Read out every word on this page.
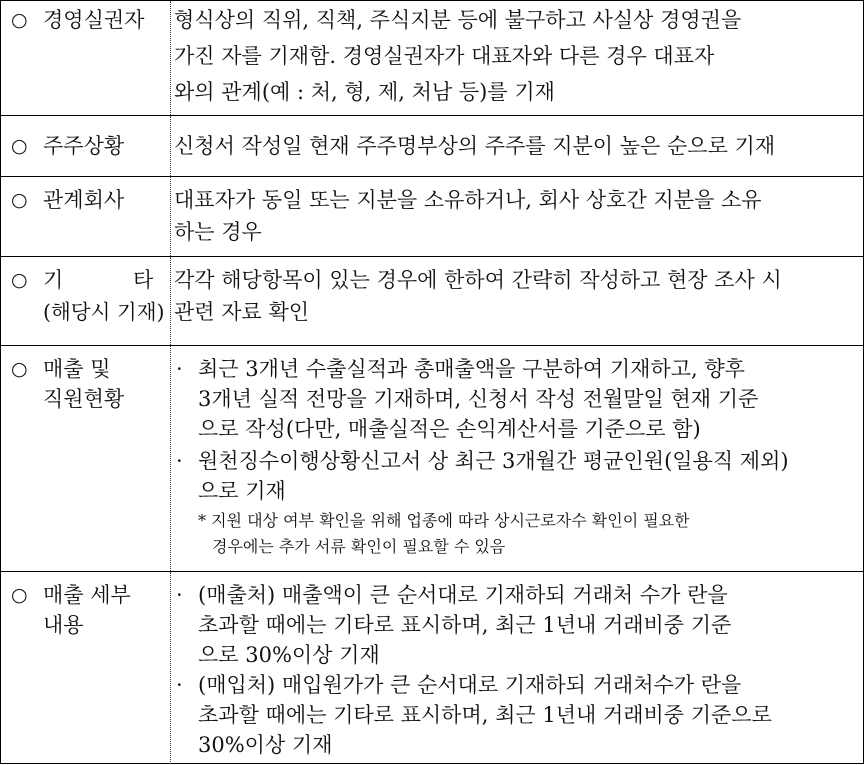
○ 경영실권자 형식상의 직위, 직책, 주식지분 등에 불구하고 사실상 경영권을
가진 자를 기재함. 경영실권자가 대표자와 다른 경우 대표자
와의 관계(예 : 처, 형, 제, 처남 등)를 기재
○ 주주상황 신청서 작성일 현재 주주명부상의 주주를 지분이 높은 순으로 기재
○ 관계회사 대표자가 동일 또는 지분을 소유하거나, 회사 상호간 지분을 소유
하는 경우
○ 기	타
(해당시 기재)
각각 해당항목이 있는 경우에 한하여 간략히 작성하고 현장 조사 시
관련 자료 확인
○ 매출 및
직원현황
· 최근 3개년 수출실적과 총매출액을 구분하여 기재하고, 향후
3개년 실적 전망을 기재하며, 신청서 작성 전월말일 현재 기준
으로 작성(다만, 매출실적은 손익계산서를 기준으로 함)
· 원천징수이행상황신고서 상 최근 3개월간 평균인원(일용직 제외)
으로 기재
* 지원 대상 여부 확인을 위해 업종에 따라 상시근로자수 확인이 필요한
경우에는 추가 서류 확인이 필요할 수 있음
○ 매출 세부
내용
· (매출처) 매출액이 큰 순서대로 기재하되 거래처 수가 란을
초과할 때에는 기타로 표시하며, 최근 1년내 거래비중 기준
으로 30%이상 기재
· (매입처) 매입원가가 큰 순서대로 기재하되 거래처수가 란을
초과할 때에는 기타로 표시하며, 최근 1년내 거래비중 기준으로
30%이상 기재
